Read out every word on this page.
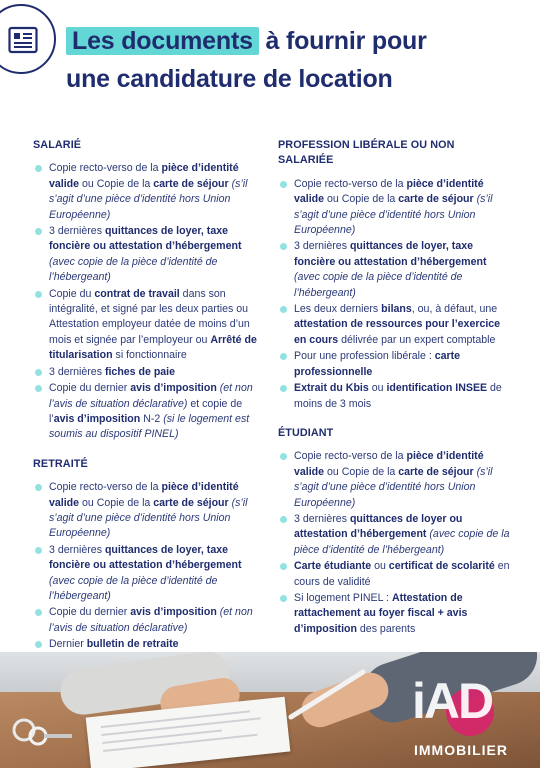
Les documents à fournir pour
une candidature de location
SALARIÉ
Copie recto-verso de la pièce d’identité valide ou Copie de la carte de séjour (s’il s’agit d’une pièce d’identité hors Union Européenne)
3 dernières quittances de loyer, taxe foncière ou attestation d’hébergement (avec copie de la pièce d’identité de l’hébergeant)
Copie du contrat de travail dans son intégralité, et signé par les deux parties ou Attestation employeur datée de moins d’un mois et signée par l’employeur ou Arrêté de titularisation si fonctionnaire
3 dernières fiches de paie
Copie du dernier avis d’imposition (et non l’avis de situation déclarative) et copie de l’avis d’imposition N-2 (si le logement est soumis au dispositif PINEL)
RETRAITÉ
Copie recto-verso de la pièce d’identité valide ou Copie de la carte de séjour (s’il s’agit d’une pièce d’identité hors Union Européenne)
3 dernières quittances de loyer, taxe foncière ou attestation d’hébergement (avec copie de la pièce d’identité de l’hébergeant)
Copie du dernier avis d’imposition (et non l’avis de situation déclarative)
Dernier bulletin de retraite
PROFESSION LIBÉRALE OU NON SALARIÉE
Copie recto-verso de la pièce d’identité valide ou Copie de la carte de séjour (s’il s’agit d’une pièce d’identité hors Union Européenne)
3 dernières quittances de loyer, taxe foncière ou attestation d’hébergement (avec copie de la pièce d’identité de l’hébergeant)
Les deux derniers bilans, ou, à défaut, une attestation de ressources pour l’exercice en cours délivrée par un expert comptable
Pour une profession libérale : carte professionnelle
Extrait du Kbis ou identification INSEE de moins de 3 mois
ÉTUDIANT
Copie recto-verso de la pièce d’identité valide ou Copie de la carte de séjour (s’il s’agit d’une pièce d’identité hors Union Européenne)
3 dernières quittances de loyer ou attestation d’hébergement (avec copie de la pièce d’identité de l’hébergeant)
Carte étudiante ou certificat de scolarité en cours de validité
Si logement PINEL : Attestation de rattachement au foyer fiscal + avis d’imposition des parents
iAD
IMMOBILIER
